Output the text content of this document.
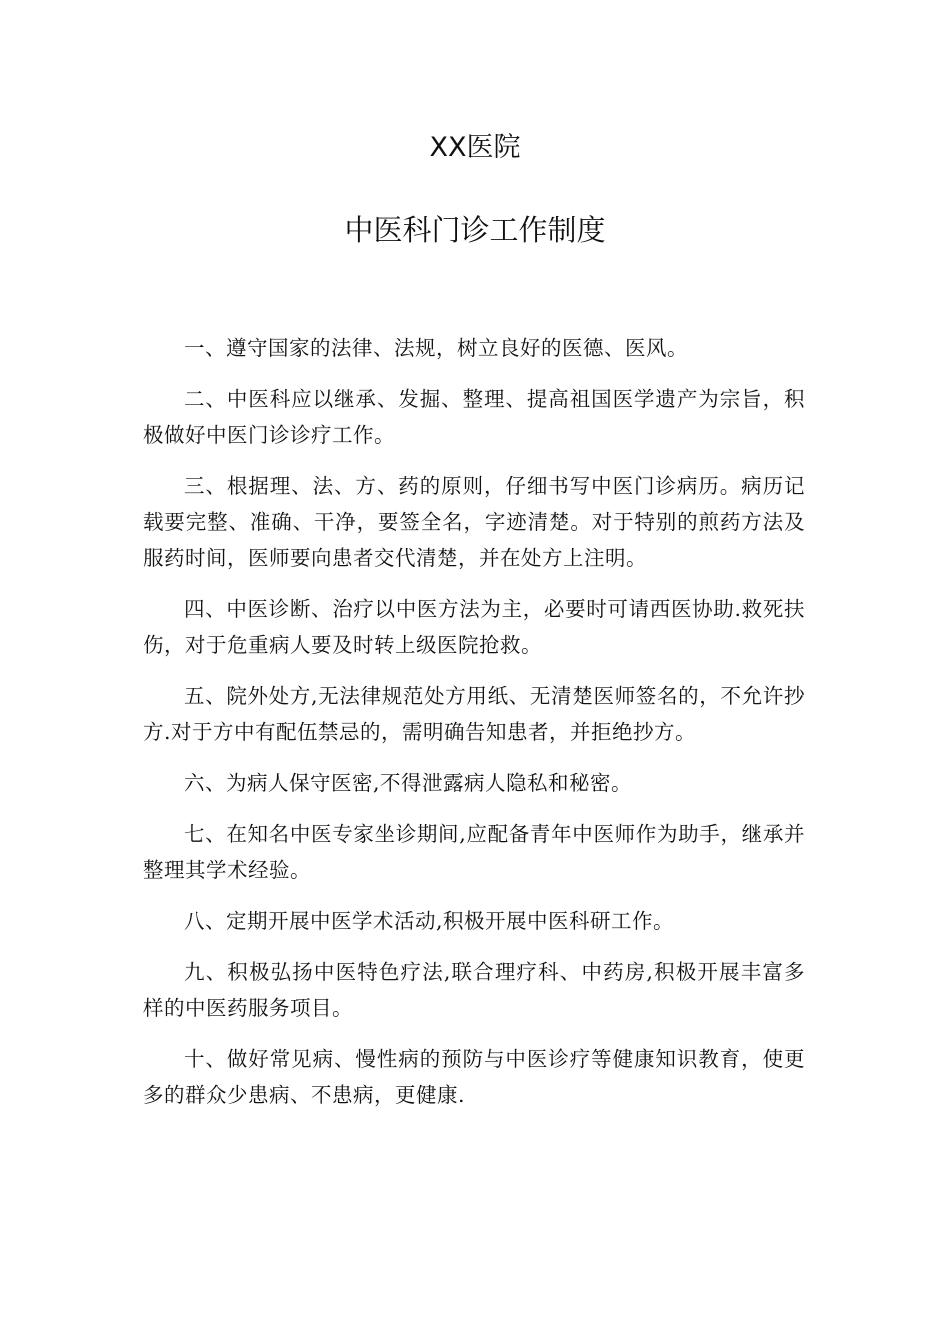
XX医院
中医科门诊工作制度

一、遵守国家的法律、法规，树立良好的医德、医风。

二、中医科应以继承、发掘、整理、提高祖国医学遗产为宗旨，积极做好中医门诊诊疗工作。

三、根据理、法、方、药的原则，仔细书写中医门诊病历。病历记载要完整、准确、干净，要签全名，字迹清楚。对于特别的煎药方法及服药时间，医师要向患者交代清楚，并在处方上注明。

四、中医诊断、治疗以中医方法为主，必要时可请西医协助.救死扶伤，对于危重病人要及时转上级医院抢救。

五、院外处方,无法律规范处方用纸、无清楚医师签名的，不允许抄方.对于方中有配伍禁忌的，需明确告知患者，并拒绝抄方。

六、为病人保守医密,不得泄露病人隐私和秘密。

七、在知名中医专家坐诊期间,应配备青年中医师作为助手，继承并整理其学术经验。

八、定期开展中医学术活动,积极开展中医科研工作。

九、积极弘扬中医特色疗法,联合理疗科、中药房,积极开展丰富多样的中医药服务项目。

十、做好常见病、慢性病的预防与中医诊疗等健康知识教育，使更多的群众少患病、不患病，更健康.
